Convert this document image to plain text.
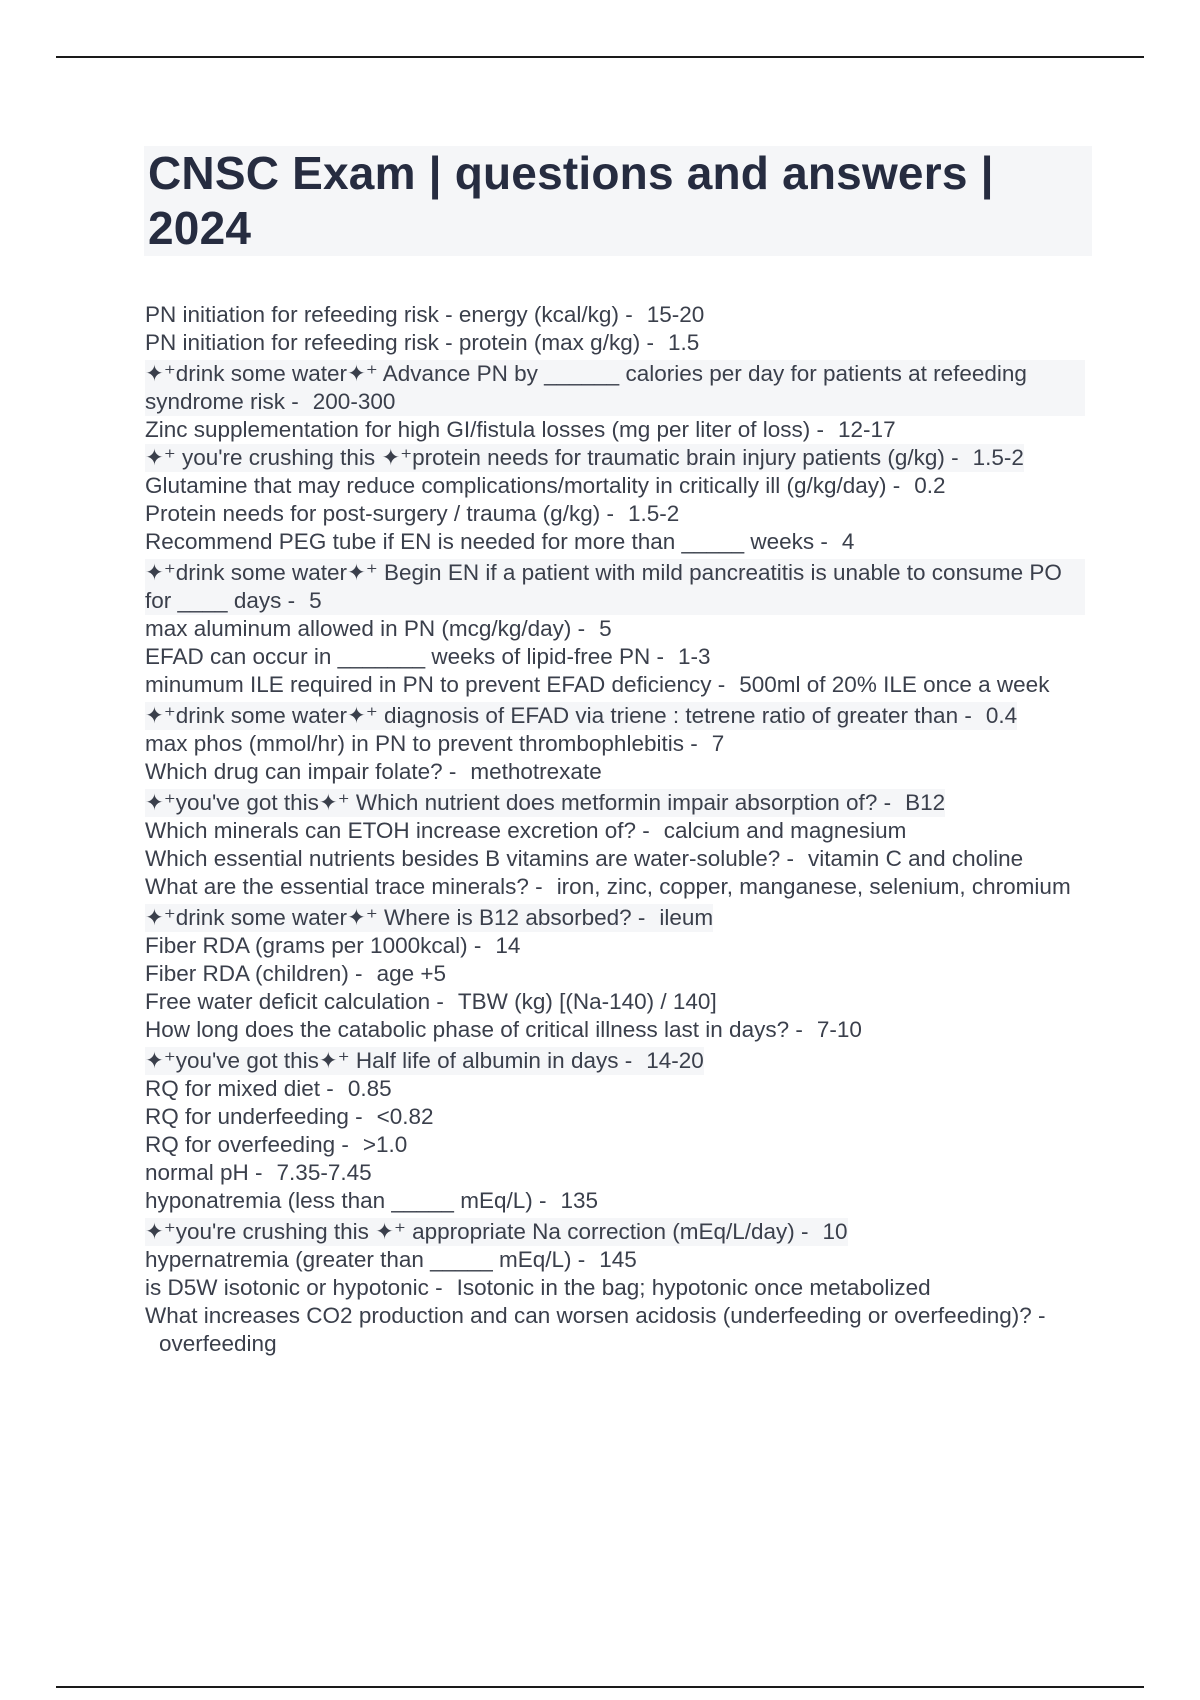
CNSC Exam | questions and answers | 2024
PN initiation for refeeding risk - energy (kcal/kg) - 15-20
PN initiation for refeeding risk - protein (max g/kg) - 1.5
✦⁺drink some water✦⁺ Advance PN by ______ calories per day for patients at refeeding syndrome risk - 200-300
Zinc supplementation for high GI/fistula losses (mg per liter of loss) - 12-17
✦⁺ you're crushing this ✦⁺protein needs for traumatic brain injury patients (g/kg) - 1.5-2
Glutamine that may reduce complications/mortality in critically ill (g/kg/day) - 0.2
Protein needs for post-surgery / trauma (g/kg) - 1.5-2
Recommend PEG tube if EN is needed for more than _____ weeks - 4
✦⁺drink some water✦⁺ Begin EN if a patient with mild pancreatitis is unable to consume PO for ____ days - 5
max aluminum allowed in PN (mcg/kg/day) - 5
EFAD can occur in _______ weeks of lipid-free PN - 1-3
minumum ILE required in PN to prevent EFAD deficiency - 500ml of 20% ILE once a week
✦⁺drink some water✦⁺ diagnosis of EFAD via triene : tetrene ratio of greater than - 0.4
max phos (mmol/hr) in PN to prevent thrombophlebitis - 7
Which drug can impair folate? - methotrexate
✦⁺you've got this✦⁺ Which nutrient does metformin impair absorption of? - B12
Which minerals can ETOH increase excretion of? - calcium and magnesium
Which essential nutrients besides B vitamins are water-soluble? - vitamin C and choline
What are the essential trace minerals? - iron, zinc, copper, manganese, selenium, chromium
✦⁺drink some water✦⁺ Where is B12 absorbed? - ileum
Fiber RDA (grams per 1000kcal) - 14
Fiber RDA (children) - age +5
Free water deficit calculation - TBW (kg) [(Na-140) / 140]
How long does the catabolic phase of critical illness last in days? - 7-10
✦⁺you've got this✦⁺ Half life of albumin in days - 14-20
RQ for mixed diet - 0.85
RQ for underfeeding - <0.82
RQ for overfeeding - >1.0
normal pH - 7.35-7.45
hyponatremia (less than _____ mEq/L) - 135
✦⁺you're crushing this ✦⁺ appropriate Na correction (mEq/L/day) - 10
hypernatremia (greater than _____ mEq/L) - 145
is D5W isotonic or hypotonic - Isotonic in the bag; hypotonic once metabolized
What increases CO2 production and can worsen acidosis (underfeeding or overfeeding)? -overfeeding
